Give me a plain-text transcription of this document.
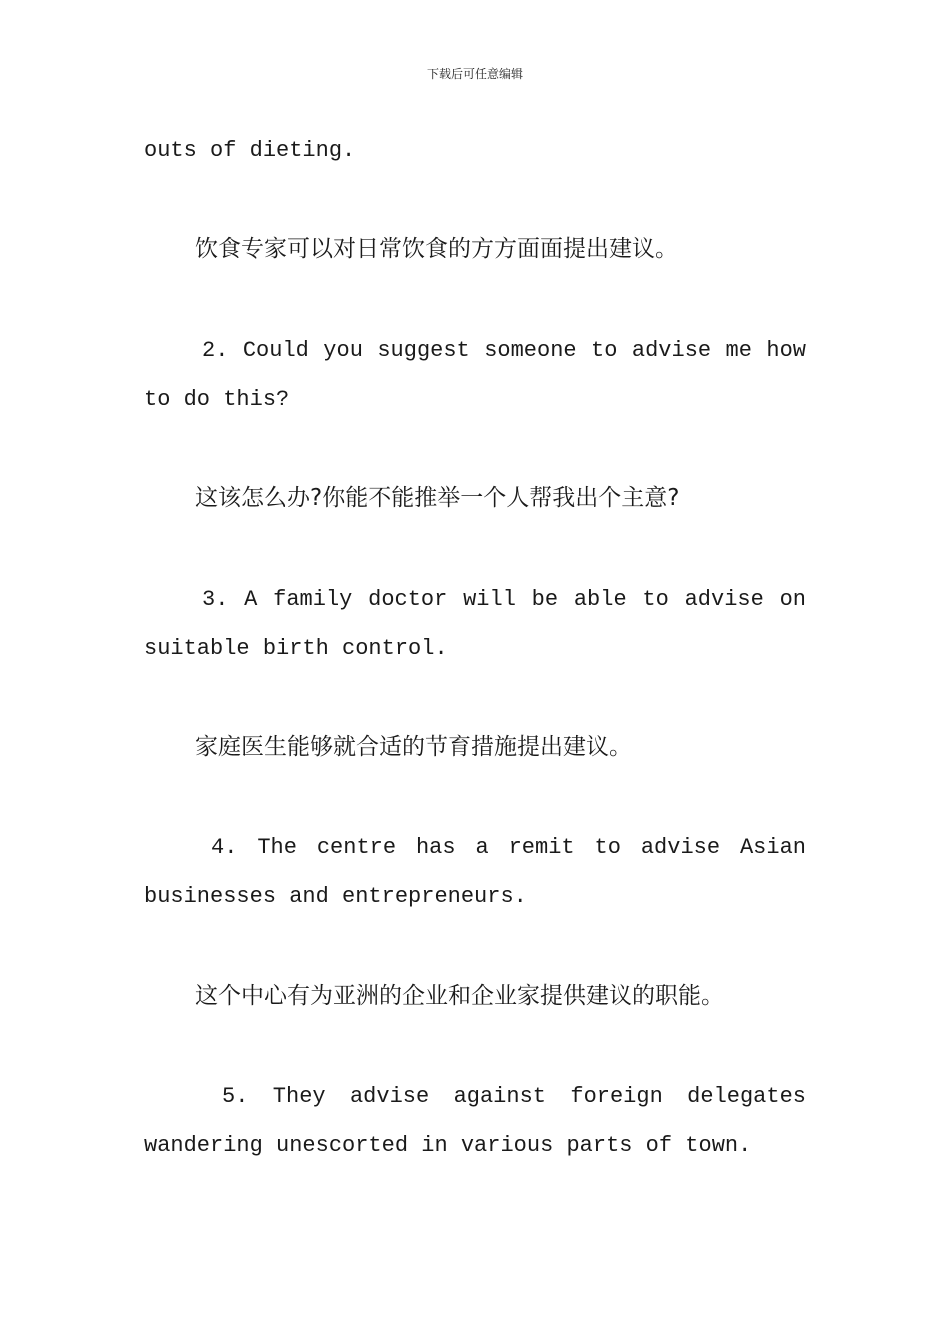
下载后可任意编辑

outs of dieting.

饮食专家可以对日常饮食的方方面面提出建议。

2. Could you suggest someone to advise me how
to do this?

这该怎么办?你能不能推举一个人帮我出个主意?

3. A family doctor will be able to advise on
suitable birth control.

家庭医生能够就合适的节育措施提出建议。

4. The centre has a remit to advise Asian
businesses and entrepreneurs.

这个中心有为亚洲的企业和企业家提供建议的职能。

5. They advise against foreign delegates
wandering unescorted in various parts of town.
